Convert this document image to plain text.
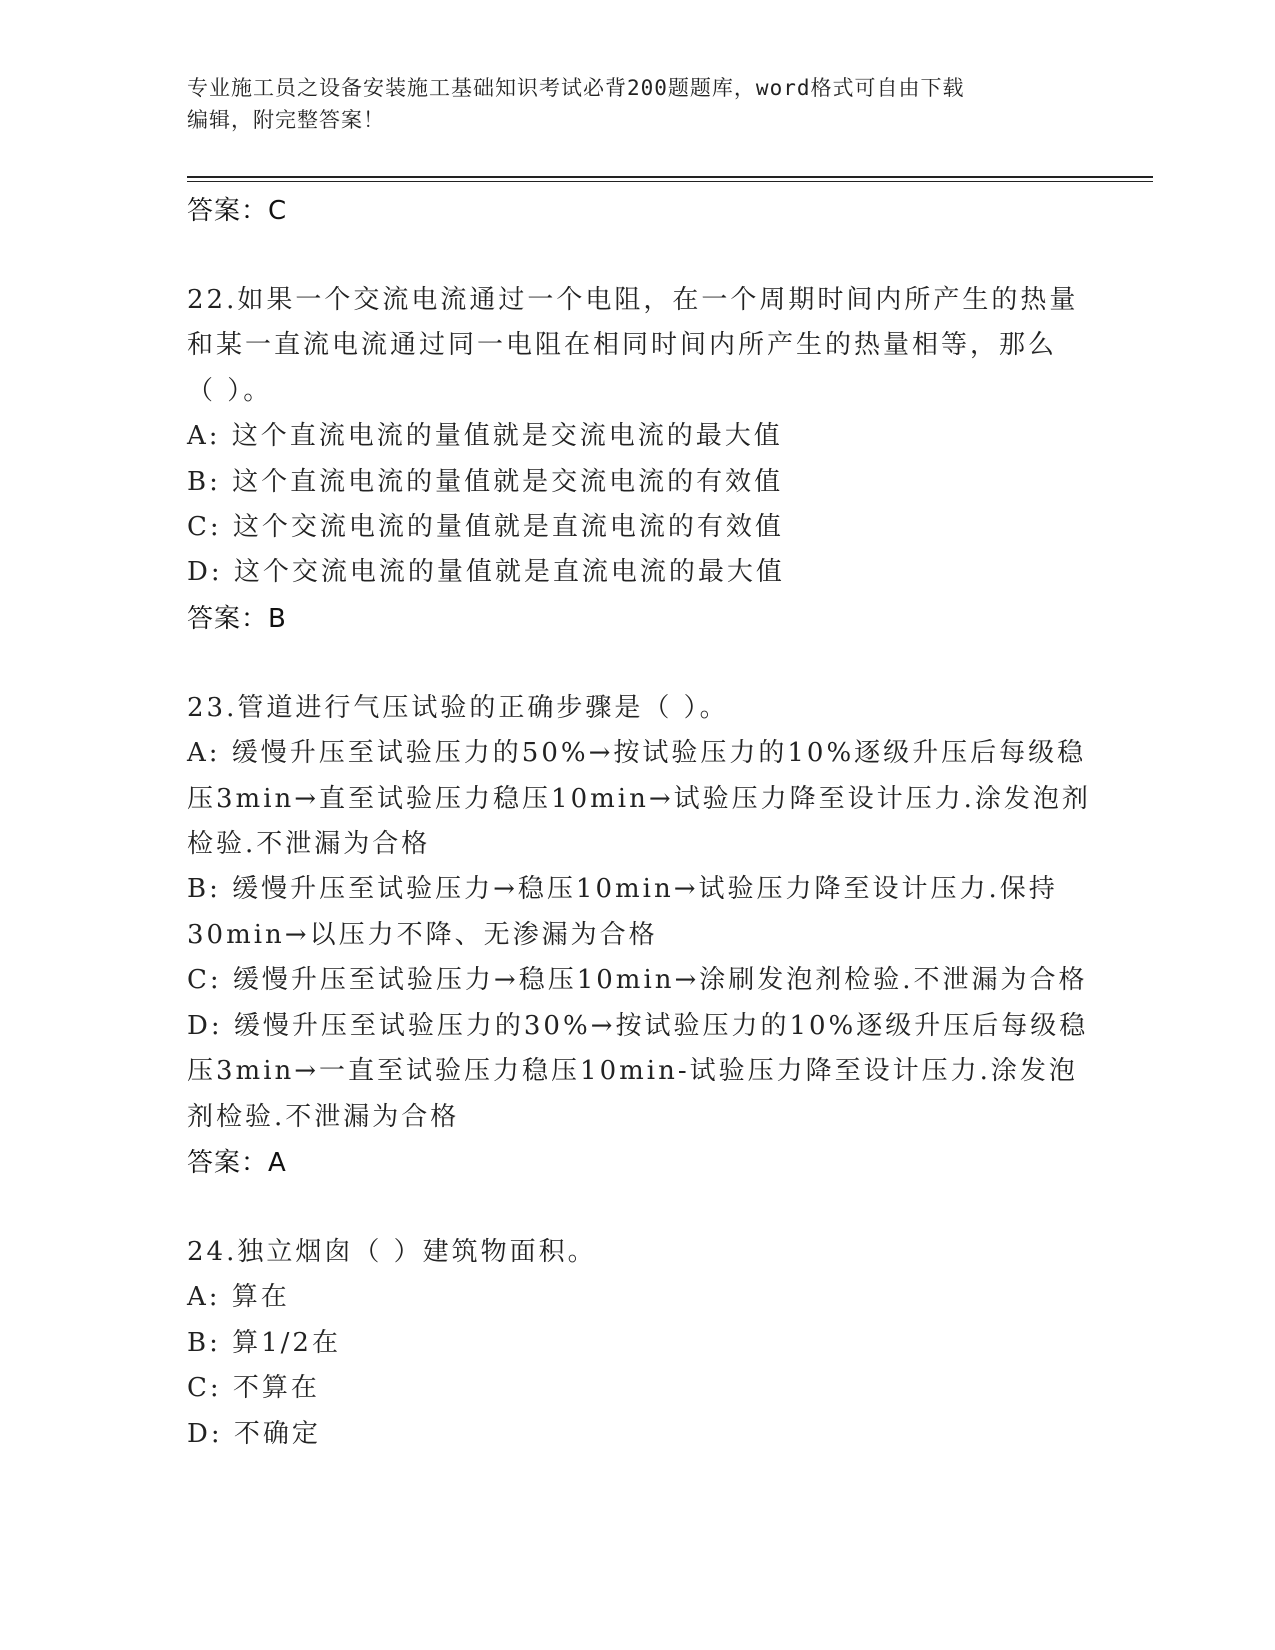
专业施工员之设备安装施工基础知识考试必背200题题库，word格式可自由下载
编辑，附完整答案！
答案：C
22.如果一个交流电流通过一个电阻，在一个周期时间内所产生的热量
和某一直流电流通过同一电阻在相同时间内所产生的热量相等，那么
（ ）。
A: 这个直流电流的量值就是交流电流的最大值
B: 这个直流电流的量值就是交流电流的有效值
C: 这个交流电流的量值就是直流电流的有效值
D: 这个交流电流的量值就是直流电流的最大值
答案：B
23.管道进行气压试验的正确步骤是（ ）。
A: 缓慢升压至试验压力的50%→按试验压力的10%逐级升压后每级稳
压3min→直至试验压力稳压10min→试验压力降至设计压力.涂发泡剂
检验.不泄漏为合格
B: 缓慢升压至试验压力→稳压10min→试验压力降至设计压力.保持
30min→以压力不降、无渗漏为合格
C: 缓慢升压至试验压力→稳压10min→涂刷发泡剂检验.不泄漏为合格
D: 缓慢升压至试验压力的30%→按试验压力的10%逐级升压后每级稳
压3min→一直至试验压力稳压10min-试验压力降至设计压力.涂发泡
剂检验.不泄漏为合格
答案：A
24.独立烟囱（ ）建筑物面积。
A: 算在
B: 算1/2在
C: 不算在
D: 不确定
